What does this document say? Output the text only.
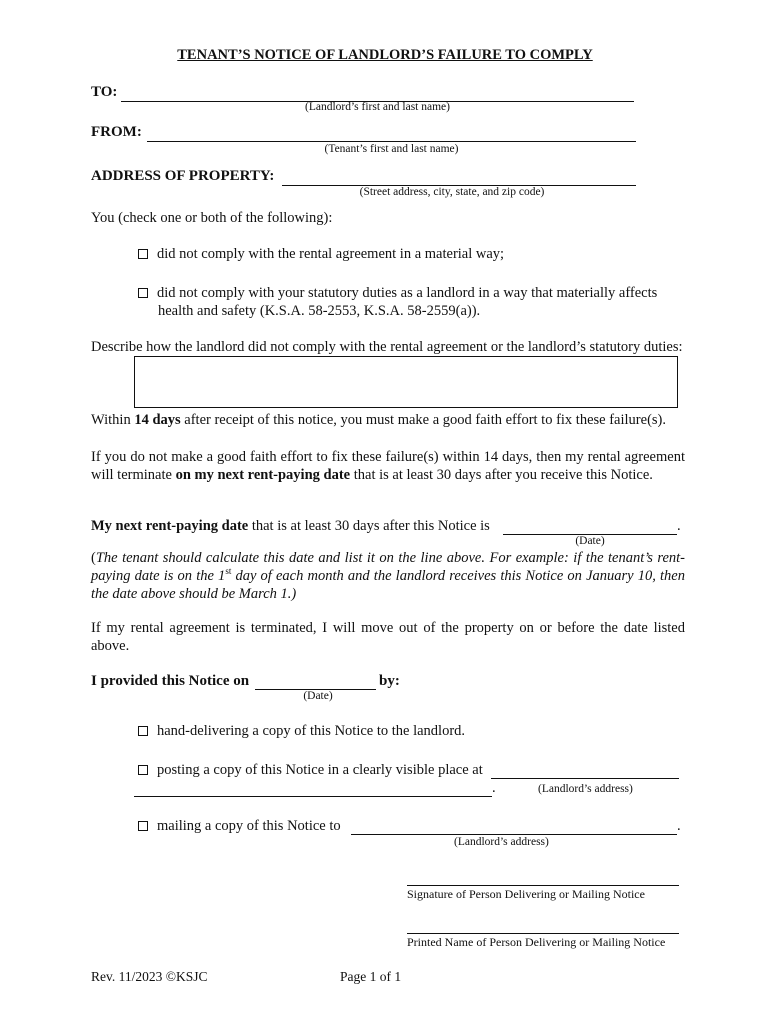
TENANT’S NOTICE OF LANDLORD’S FAILURE TO COMPLY
TO:
(Landlord’s first and last name)
FROM:
(Tenant’s first and last name)
ADDRESS OF PROPERTY:
(Street address, city, state, and zip code)
You (check one or both of the following):
did not comply with the rental agreement in a material way;
did not comply with your statutory duties as a landlord in a way that materially affects
health and safety (K.S.A. 58-2553, K.S.A. 58-2559(a)).
Describe how the landlord did not comply with the rental agreement or the landlord’s statutory duties:
Within 14 days after receipt of this notice, you must make a good faith effort to fix these failure(s).
If you do not make a good faith effort to fix these failure(s) within 14 days, then my rental agreement will terminate on my next rent-paying date that is at least 30 days after you receive this Notice.
My next rent-paying date that is at least 30 days after this Notice is	.
(Date)
(The tenant should calculate this date and list it on the line above. For example: if the tenant’s rent-paying date is on the 1st day of each month and the landlord receives this Notice on January 10, then the date above should be March 1.)
If my rental agreement is terminated, I will move out of the property on or before the date listed above.
I provided this Notice on	by:
(Date)
hand-delivering a copy of this Notice to the landlord.
posting a copy of this Notice in a clearly visible place at
.	(Landlord’s address)
mailing a copy of this Notice to	.
(Landlord’s address)
Signature of Person Delivering or Mailing Notice
Printed Name of Person Delivering or Mailing Notice
Rev. 11/2023 ©KSJC	Page 1 of 1
